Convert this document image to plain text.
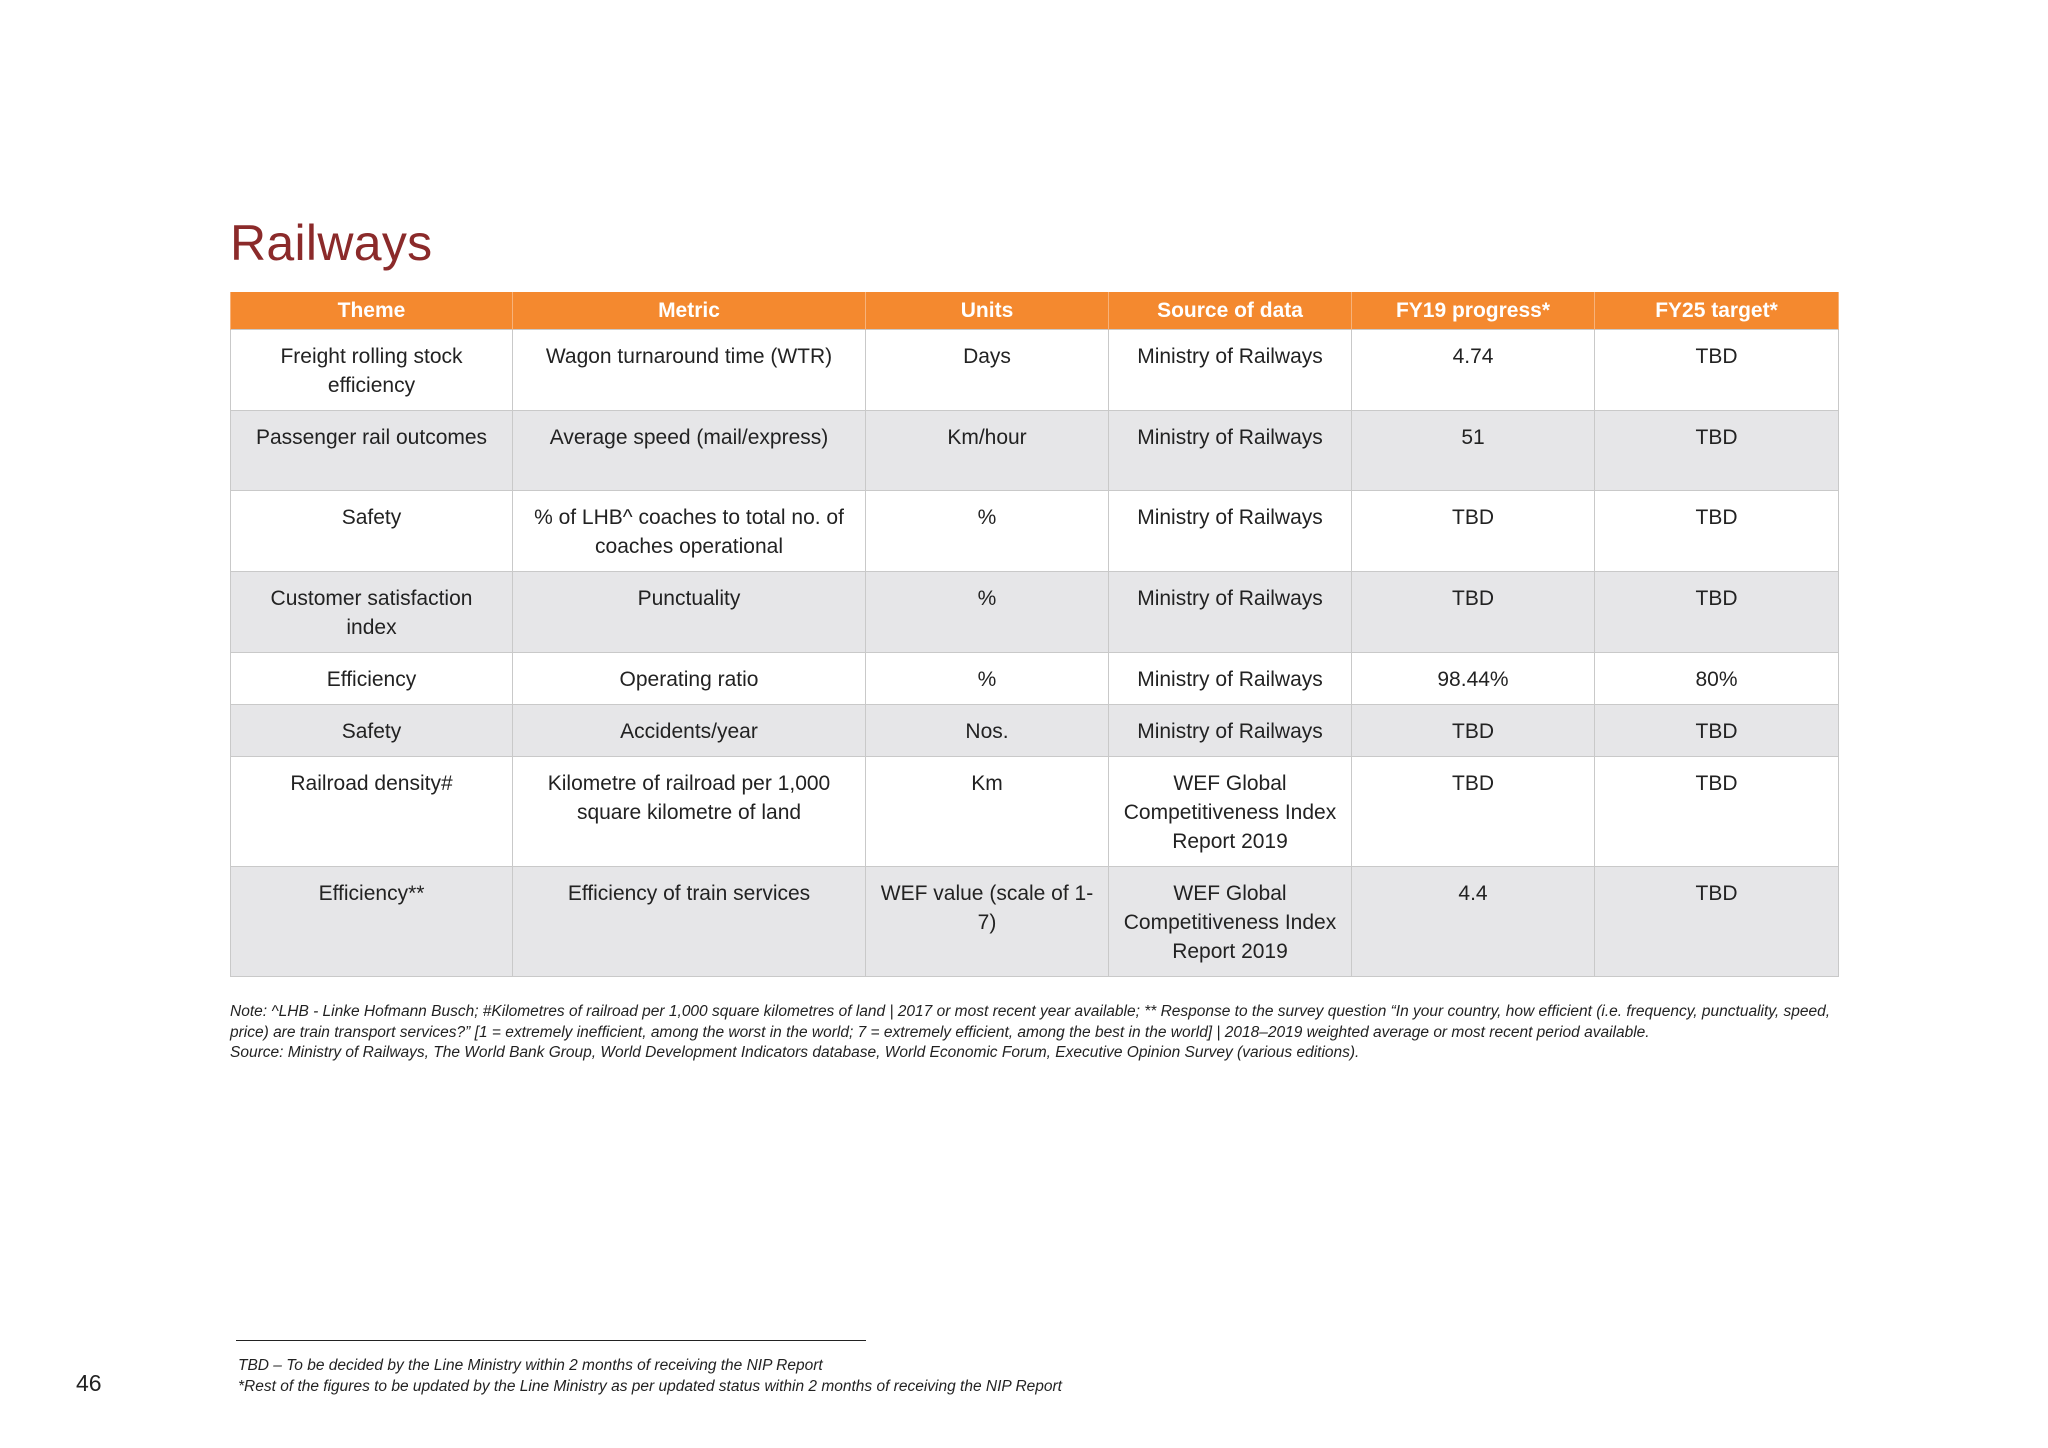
Railways
Theme	Metric	Units	Source of data	FY19 progress*	FY25 target*
Freight rolling stock efficiency	Wagon turnaround time (WTR)	Days	Ministry of Railways	4.74	TBD
Passenger rail outcomes	Average speed (mail/express)	Km/hour	Ministry of Railways	51	TBD
Safety	% of LHB^ coaches to total no. of coaches operational	%	Ministry of Railways	TBD	TBD
Customer satisfaction index	Punctuality	%	Ministry of Railways	TBD	TBD
Efficiency	Operating ratio	%	Ministry of Railways	98.44%	80%
Safety	Accidents/year	Nos.	Ministry of Railways	TBD	TBD
Railroad density#	Kilometre of railroad per 1,000 square kilometre of land	Km	WEF Global Competitiveness Index Report 2019	TBD	TBD
Efficiency**	Efficiency of train services	WEF value (scale of 1-7)	WEF Global Competitiveness Index Report 2019	4.4	TBD

Note: ^LHB - Linke Hofmann Busch; #Kilometres of railroad per 1,000 square kilometres of land | 2017 or most recent year available; ** Response to the survey question “In your country, how efficient (i.e. frequency, punctuality, speed, price) are train transport services?” [1 = extremely inefficient, among the worst in the world; 7 = extremely efficient, among the best in the world] | 2018–2019 weighted average or most recent period available.

Source: Ministry of Railways, The World Bank Group, World Development Indicators database, World Economic Forum, Executive Opinion Survey (various editions).

TBD – To be decided by the Line Ministry within 2 months of receiving the NIP Report

*Rest of the figures to be updated by the Line Ministry as per updated status within 2 months of receiving the NIP Report

46
